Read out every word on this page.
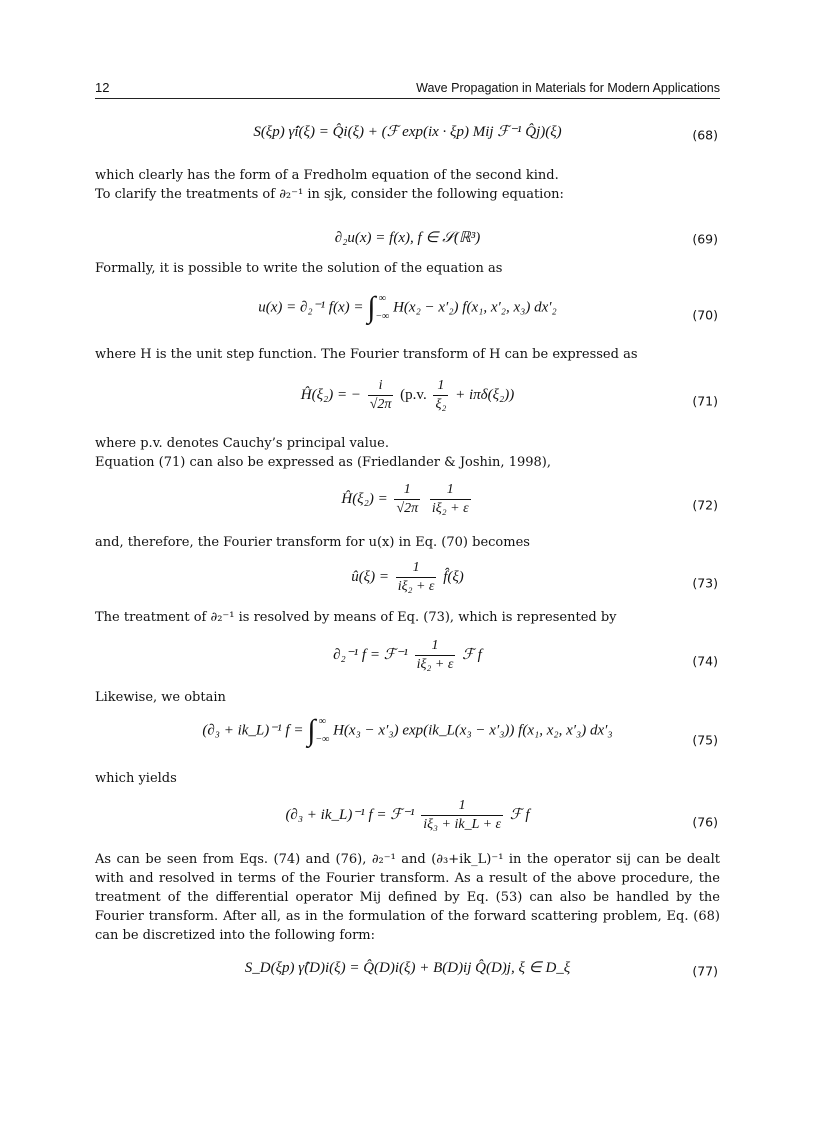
12	Wave Propagation in Materials for Modern Applications
S(ξp) γ̂i(ξ) = Q̂i(ξ) + (ℱ exp(ix · ξp) Mij ℱ⁻¹ Q̂j)(ξ)	(68)
which clearly has the form of a Fredholm equation of the second kind.
To clarify the treatments of ∂₂⁻¹ in sjk, consider the following equation:
∂₂u(x) = f(x), f ∈ 𝒮(ℝ³)	(69)
Formally, it is possible to write the solution of the equation as
u(x) = ∂₂⁻¹ f(x) = ∫ ∞
−∞
H(x₂ − x′₂) f(x₁, x′₂, x₃) dx′₂	(70)
where H is the unit step function. The Fourier transform of H can be expressed as
Ĥ(ξ₂) = − $\frac{i}{√2\pi} (p.v$. $\frac{1}{\text{ξ₂}} + i\pi\delta(\xi_2)$)	(71)
where p.v. denotes Cauchy’s principal value.
Equation (71) can also be expressed as (Friedlander & Joshin, 1998),
Ĥ(ξ₂) = $\frac{1}{√2\pi}$
$\frac{1}{\text{iξ₂ + ε}}$	(72)
and, therefore, the Fourier transform for u(x) in Eq. (70) becomes
û(ξ) = $\frac{1}{\text{iξ₂ + ε}}$ f̂(ξ)	(73)
The treatment of ∂₂⁻¹ is resolved by means of Eq. (73), which is represented by
∂₂⁻¹ f = ℱ⁻¹ $\frac{1}{\text{iξ₂ + ε}}$ ℱ f	(74)
Likewise, we obtain
(∂₃ + ik_L)⁻¹ f = ∫ ∞
−∞
H(x₃ − x′₃) exp(ik_L(x₃ − x′₃)) f(x₁, x₂, x′₃) dx′₃
(75)
which yields
(∂₃ + ik_L)⁻¹ f = ℱ⁻¹ $\frac{1}{\text{iξ₃ + ik\_L + ε}}$ ℱ f	(76)
As can be seen from Eqs. (74) and (76), ∂₂⁻¹ and (∂₃+ik_L)⁻¹ in the operator sij can be dealt with and resolved in terms of the Fourier transform. As a result of the above procedure, the treatment of the differential operator Mij defined by Eq. (53) can also be handled by the Fourier transform. After all, as in the formulation of the forward scattering problem, Eq. (68) can be discretized into the following form:
S_D(ξp) γ̂(D)i(ξ) = Q̂(D)i(ξ) + B(D)ij Q̂(D)j, ξ ∈ D_ξ	(77)
